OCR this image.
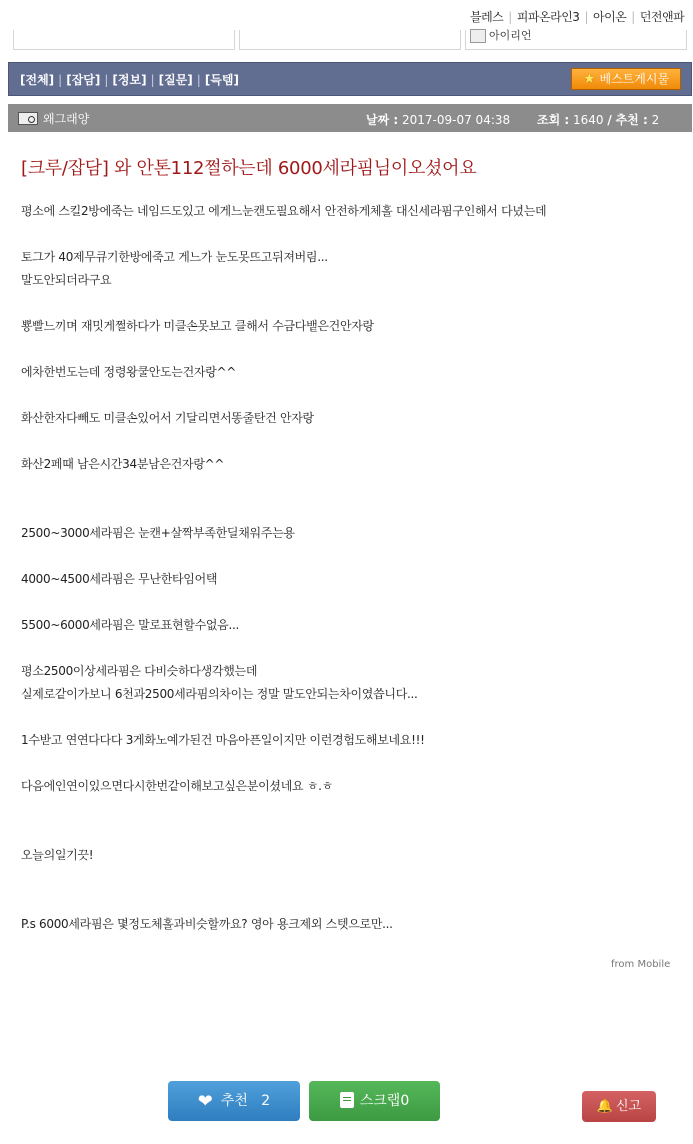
블레스 | 피파온라인3 | 아이온 | 던전앤파
아이리언
[전체] | [잡담] | [정보] | [질문] | [득템]	★ 베스트게시물
왜그래양	날짜 : 2017-09-07 04:38 조회 : 1640 / 추천 : 2
[크루/잡담] 와 안톤112쩔하는데 6000세라핌님이오셨어요
평소에 스킬2방에죽는 네임드도있고 에게느눈캔도필요해서 안전하게체홀 대신세라핌구인해서 다녔는데
토그가 40제무큐기한방에죽고 게느가 눈도못뜨고뒤져버림...
말도안되더라구요
뿅빨느끼며 재밋게쩔하다가 미클손못보고 클해서 수금다뱉은건안자랑
에차한번도는데 정령왕쿨안도는건자랑^^
화산한자다빼도 미클손있어서 기달리면서똥줄탄건 안자랑
화산2페때 남은시간34분남은건자랑^^
2500~3000세라핌은 눈캔+살짝부족한딜채워주는용
4000~4500세라핌은 무난한타임어택
5500~6000세라핌은 말로표현할수없음...
평소2500이상세라핌은 다비슷하다생각했는데
실제로같이가보니 6천과2500세라핌의차이는 정말 말도안되는차이였씁니다...
1수받고 연연다다다 3게화노예가된건 마음아픈일이지만 이런경험도해보네요!!!
다음에인연이있으면다시한번같이해보고싶은분이셨네요 ㅎ.ㅎ
오늘의일기끗!
P.s 6000세라핌은 몇정도체홀과비슷할까요? 영아 용크제외 스텟으로만...
from Mobile
❤ 추천 2	스크랩0	🔔 신고
